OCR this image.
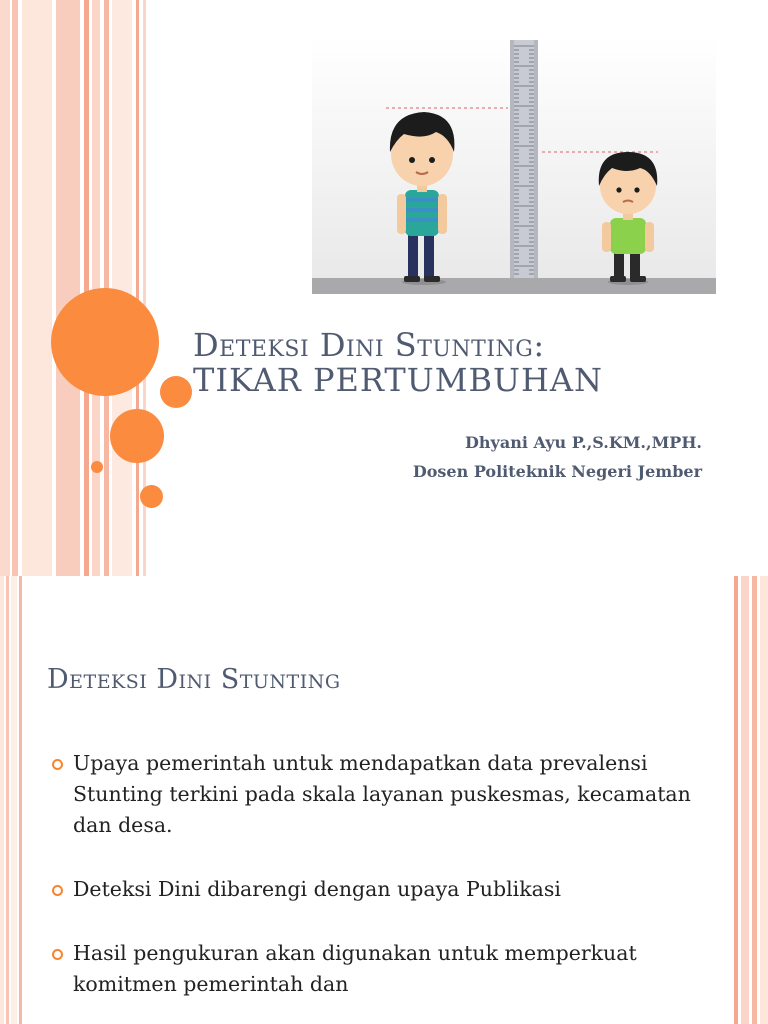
Deteksi Dini Stunting:
TIKAR PERTUMBUHAN
Dhyani Ayu P.,S.KM.,MPH.
Dosen Politeknik Negeri Jember
Deteksi Dini Stunting
Upaya pemerintah untuk mendapatkan data prevalensi Stunting terkini pada skala layanan puskesmas, kecamatan dan desa.
Deteksi Dini dibarengi dengan upaya Publikasi
Hasil pengukuran akan digunakan untuk memperkuat komitmen pemerintah dan
